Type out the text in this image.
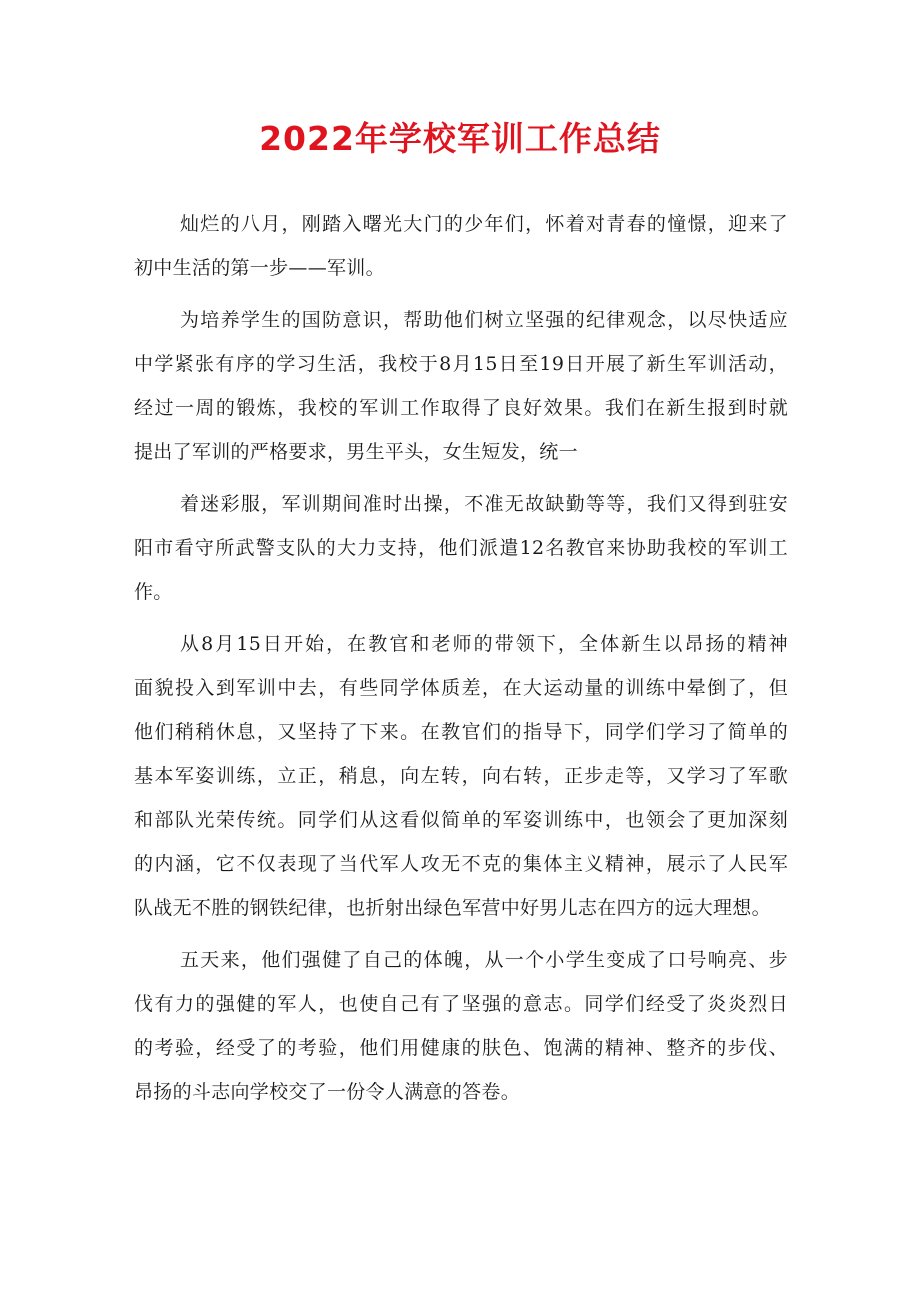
2022年学校军训工作总结

灿烂的八月，刚踏入曙光大门的少年们，怀着对青春的憧憬，迎来了
初中生活的第一步——军训。

为培养学生的国防意识，帮助他们树立坚强的纪律观念，以尽快适应
中学紧张有序的学习生活，我校于8月15日至19日开展了新生军训活动，
经过一周的锻炼，我校的军训工作取得了良好效果。我们在新生报到时就
提出了军训的严格要求，男生平头，女生短发，统一

着迷彩服，军训期间准时出操，不准无故缺勤等等，我们又得到驻安
阳市看守所武警支队的大力支持，他们派遣12名教官来协助我校的军训工
作。

从8月15日开始，在教官和老师的带领下，全体新生以昂扬的精神
面貌投入到军训中去，有些同学体质差，在大运动量的训练中晕倒了，但
他们稍稍休息，又坚持了下来。在教官们的指导下，同学们学习了简单的
基本军姿训练，立正，稍息，向左转，向右转，正步走等，又学习了军歌
和部队光荣传统。同学们从这看似简单的军姿训练中，也领会了更加深刻
的内涵，它不仅表现了当代军人攻无不克的集体主义精神，展示了人民军
队战无不胜的钢铁纪律，也折射出绿色军营中好男儿志在四方的远大理想。

五天来，他们强健了自己的体魄，从一个小学生变成了口号响亮、步
伐有力的强健的军人，也使自己有了坚强的意志。同学们经受了炎炎烈日
的考验，经受了的考验，他们用健康的肤色、饱满的精神、整齐的步伐、
昂扬的斗志向学校交了一份令人满意的答卷。
